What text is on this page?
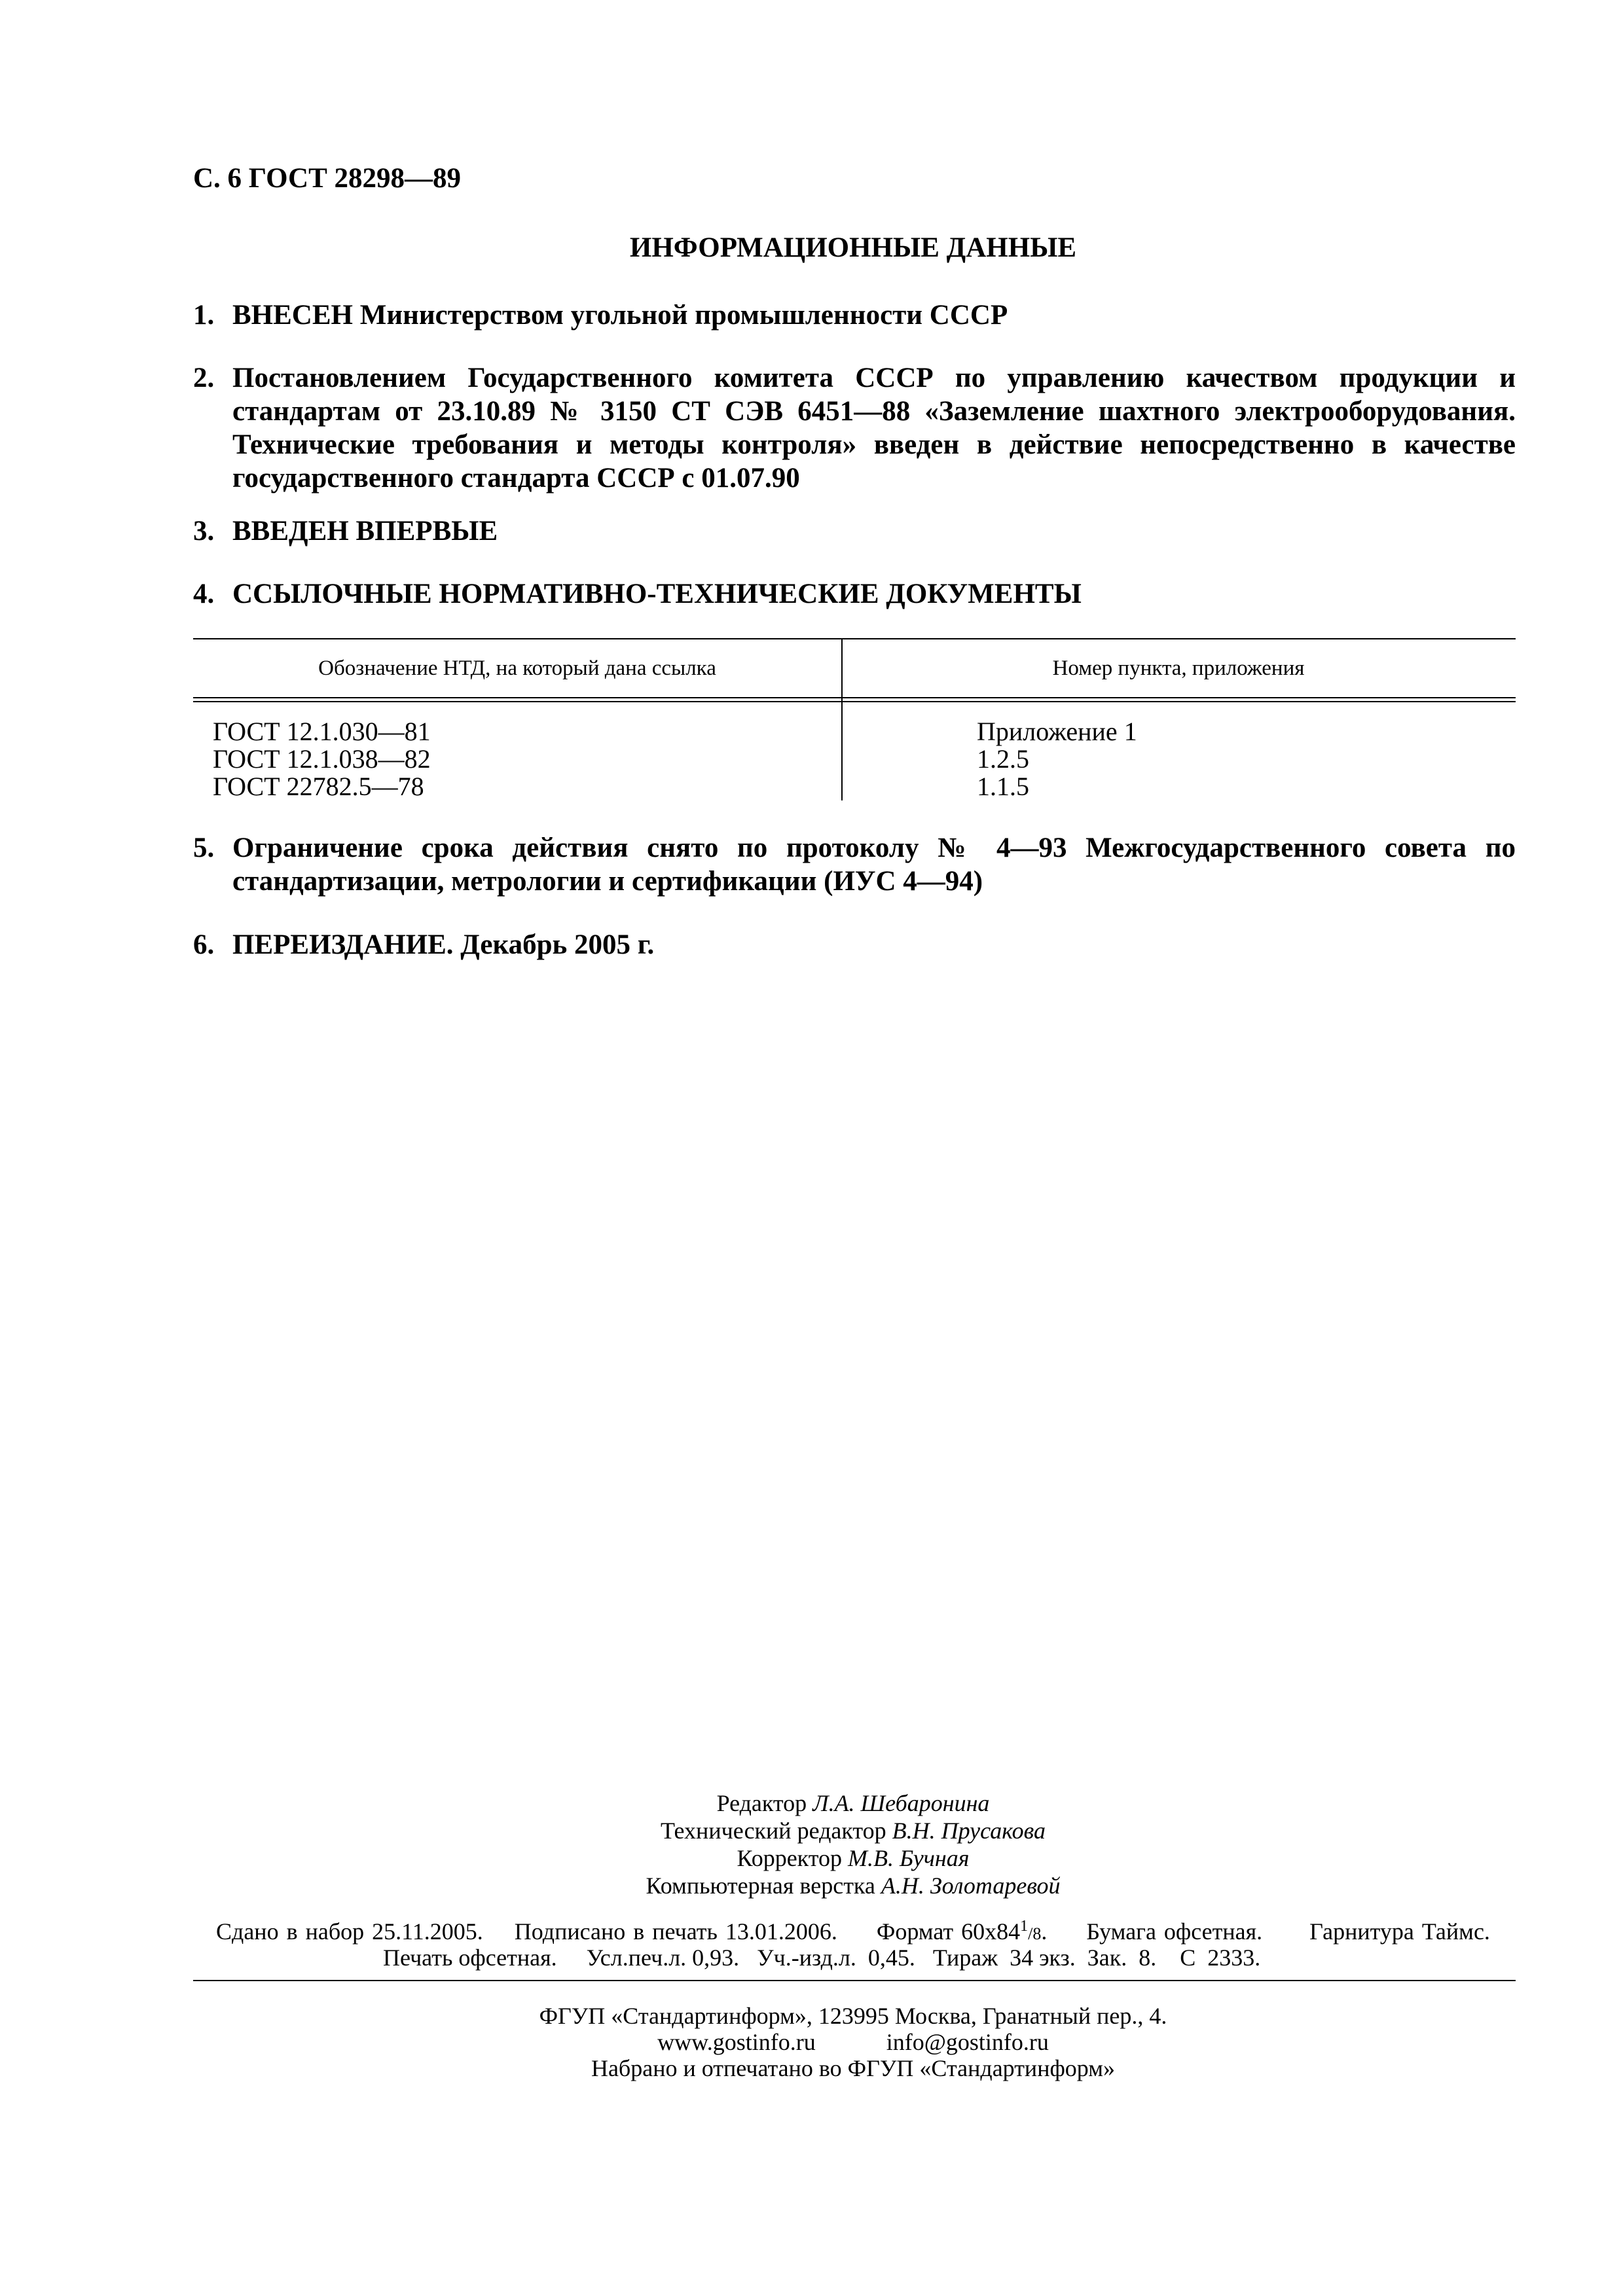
С. 6 ГОСТ 28298—89
ИНФОРМАЦИОННЫЕ ДАННЫЕ
1. ВНЕСЕН Министерством угольной промышленности СССР
2. Постановлением Государственного комитета СССР по управлению качеством продукции и стандартам от 23.10.89 № 3150 СТ СЭВ 6451—88 «Заземление шахтного электрооборудования. Технические требования и методы контроля» введен в действие непосредственно в качестве государственного стандарта СССР с 01.07.90
3. ВВЕДЕН ВПЕРВЫЕ
4. ССЫЛОЧНЫЕ НОРМАТИВНО-ТЕХНИЧЕСКИЕ ДОКУМЕНТЫ
Обозначение НТД, на который дана ссылка	Номер пункта, приложения
ГОСТ 12.1.030—81	Приложение 1
ГОСТ 12.1.038—82	1.2.5
ГОСТ 22782.5—78	1.1.5
5. Ограничение срока действия снято по протоколу № 4—93 Межгосударственного совета по стандартизации, метрологии и сертификации (ИУС 4—94)
6. ПЕРЕИЗДАНИЕ. Декабрь 2005 г.
Редактор Л.А. Шебаронина
Технический редактор В.Н. Прусакова
Корректор М.В. Бучная
Компьютерная верстка А.Н. Золотаревой
Сдано в набор 25.11.2005.    Подписано в печать 13.01.2006.     Формат $60x84^1/8$.     Бумага офсетная.      Гарнитура Таймс.
Печать офсетная.     Усл.печ.л. 0,93.   Уч.-изд.л.  0,45.   Тираж  34 экз.  Зак.  8.    С  2333.
ФГУП «Стандартинформ», 123995 Москва, Гранатный пер., 4.
www.gostinfo.ru	info@gostinfo.ru
Набрано и отпечатано во ФГУП «Стандартинформ»
